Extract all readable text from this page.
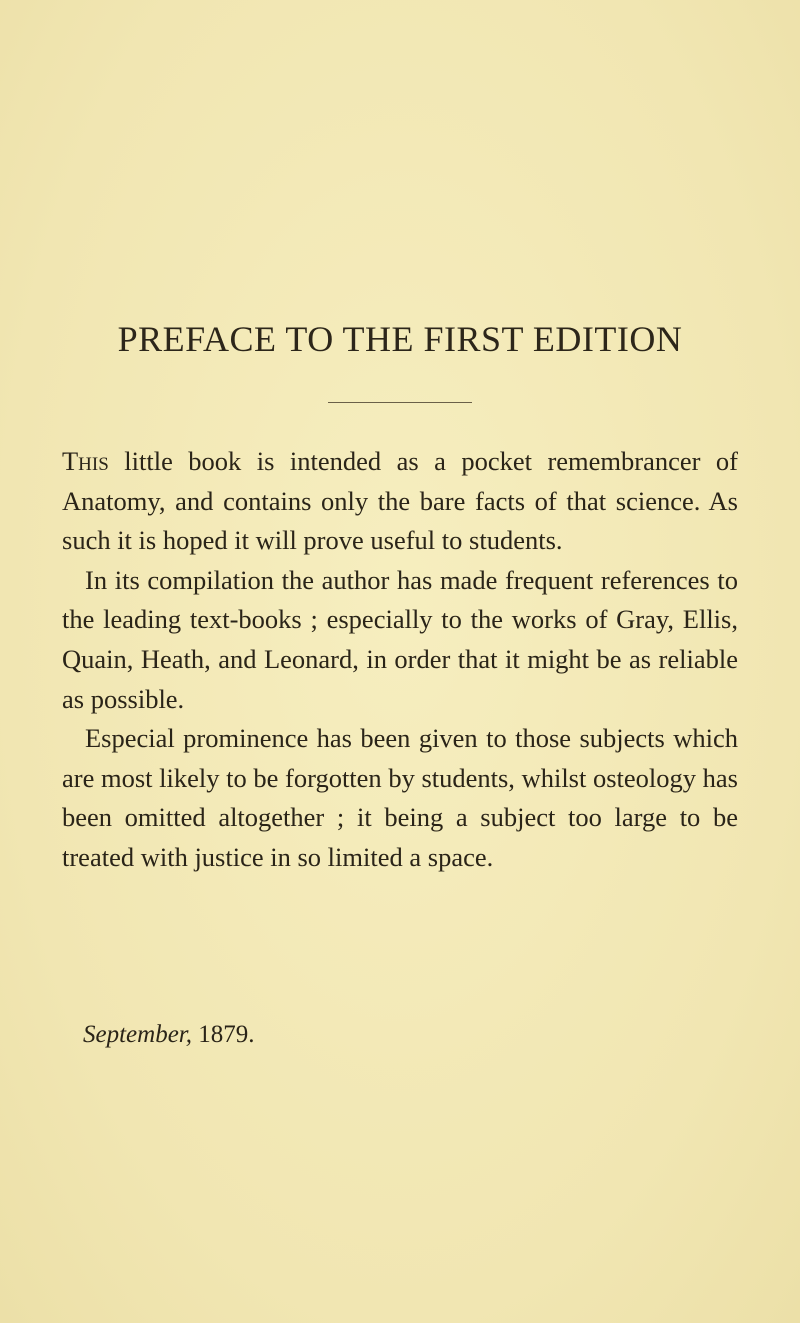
PREFACE TO THE FIRST EDITION

This little book is intended as a pocket remembrancer of Anatomy, and contains only the bare facts of that science. As such it is hoped it will prove useful to students.

In its compilation the author has made frequent references to the leading text-books ; especially to the works of Gray, Ellis, Quain, Heath, and Leonard, in order that it might be as reliable as possible.

Especial prominence has been given to those subjects which are most likely to be forgotten by students, whilst osteology has been omitted altogether ; it being a subject too large to be treated with justice in so limited a space.

September, 1879.
